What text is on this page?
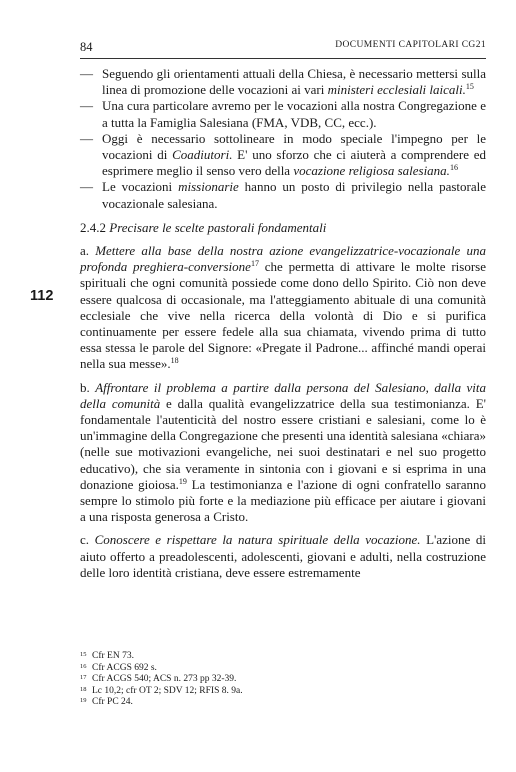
84	DOCUMENTI CAPITOLARI CG21
112
— Seguendo gli orientamenti attuali della Chiesa, è necessario mettersi sulla linea di promozione delle vocazioni ai vari ministeri ecclesiali laicali.$^{15}$
— Una cura particolare avremo per le vocazioni alla nostra Congregazione e a tutta la Famiglia Salesiana (FMA, VDB, CC, ecc.).
— Oggi è necessario sottolineare in modo speciale l'impegno per le vocazioni di Coadiutori. E' uno sforzo che ci aiuterà a comprendere ed esprimere meglio il senso vero della vocazione religiosa salesiana.$^{16}$
— Le vocazioni missionarie hanno un posto di privilegio nella pastorale vocazionale salesiana.
2.4.2 Precisare le scelte pastorali fondamentali
a. Mettere alla base della nostra azione evangelizzatrice-vocazionale una profonda preghiera-conversione$^{17}$ che permetta di attivare le molte risorse spirituali che ogni comunità possiede come dono dello Spirito. Ciò non deve essere qualcosa di occasionale, ma l'atteggiamento abituale di una comunità ecclesiale che vive nella ricerca della volontà di Dio e si purifica continuamente per essere fedele alla sua chiamata, vivendo prima di tutto essa stessa le parole del Signore: «Pregate il Padrone... affinché mandi operai nella sua messe».$^{18}$
b. Affrontare il problema a partire dalla persona del Salesiano, dalla vita della comunità e dalla qualità evangelizzatrice della sua testimonianza. E' fondamentale l'autenticità del nostro essere cristiani e salesiani, come lo è un'immagine della Congregazione che presenti una identità salesiana «chiara» (nelle sue motivazioni evangeliche, nei suoi destinatari e nel suo progetto educativo), che sia veramente in sintonia con i giovani e si esprima in una donazione gioiosa.$^{19}$ La testimonianza e l'azione di ogni confratello saranno sempre lo stimolo più forte e la mediazione più efficace per aiutare i giovani a una risposta generosa a Cristo.
c. Conoscere e rispettare la natura spirituale della vocazione. L'azione di aiuto offerto a preadolescenti, adolescenti, giovani e adulti, nella costruzione delle loro identità cristiana, deve essere estremamente
15 Cfr EN 73.
16 Cfr ACGS 692 s.
17 Cfr ACGS 540; ACS n. 273 pp 32-39.
18 Lc 10,2; cfr OT 2; SDV 12; RFIS 8. 9a.
19 Cfr PC 24.
